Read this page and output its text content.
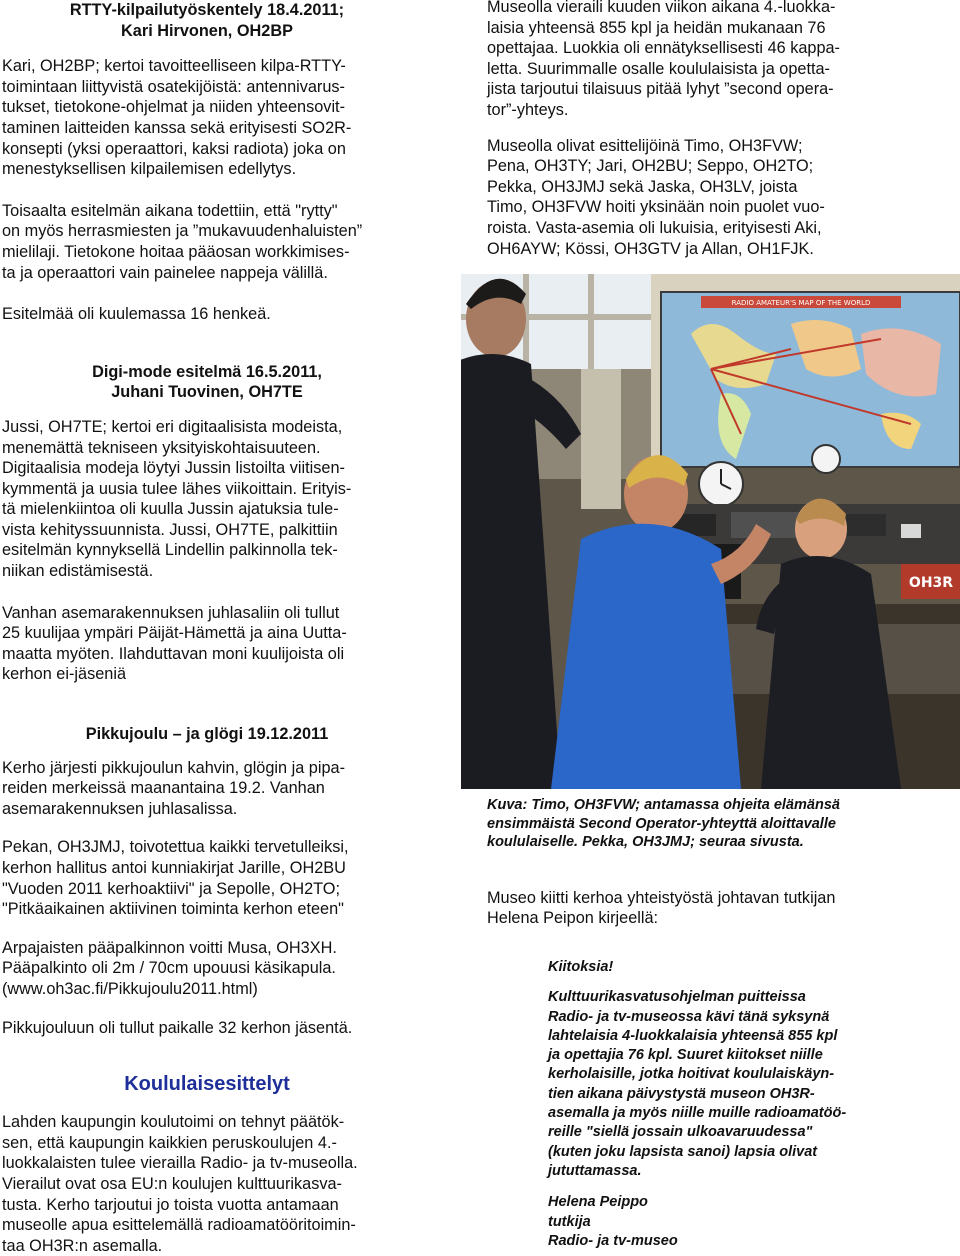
RTTY-kilpailutyöskentely 18.4.2011;
Kari Hirvonen, OH2BP

Kari, OH2BP; kertoi tavoitteelliseen kilpa-RTTY-
toimintaan liittyvistä osatekijöistä: antennivarus-
tukset, tietokone-ohjelmat ja niiden yhteensovit-
taminen laitteiden kanssa sekä erityisesti SO2R-
konsepti (yksi operaattori, kaksi radiota) joka on
menestyksellisen kilpailemisen edellytys.

Toisaalta esitelmän aikana todettiin, että "rytty"
on myös herrasmiesten ja ”mukavuudenhaluisten”
mielilaji. Tietokone hoitaa pääosan workkimises-
ta ja operaattori vain painelee nappeja välillä.

Esitelmää oli kuulemassa 16 henkeä.

Digi-mode esitelmä 16.5.2011,
Juhani Tuovinen, OH7TE

Jussi, OH7TE; kertoi eri digitaalisista modeista,
menemättä tekniseen yksityiskohtaisuuteen.
Digitaalisia modeja löytyi Jussin listoilta viitisen-
kymmentä ja uusia tulee lähes viikoittain. Erityis-
tä mielenkiintoa oli kuulla Jussin ajatuksia tule-
vista kehityssuunnista. Jussi, OH7TE, palkittiin
esitelmän kynnyksellä Lindellin palkinnolla tek-
niikan edistämisestä.

Vanhan asemarakennuksen juhlasaliin oli tullut
25 kuulijaa ympäri Päijät-Hämettä ja aina Uutta-
maatta myöten. Ilahduttavan moni kuulijoista oli
kerhon ei-jäseniä

Pikkujoulu – ja glögi 19.12.2011

Kerho järjesti pikkujoulun kahvin, glögin ja pipa-
reiden merkeissä maanantaina 19.2. Vanhan
asemarakennuksen juhlasalissa.

Pekan, OH3JMJ, toivotettua kaikki tervetulleiksi,
kerhon hallitus antoi kunniakirjat Jarille, OH2BU
"Vuoden 2011 kerhoaktiivi" ja Sepolle, OH2TO;
"Pitkäaikainen aktiivinen toiminta kerhon eteen"

Arpajaisten pääpalkinnon voitti Musa, OH3XH.
Pääpalkinto oli 2m / 70cm upouusi käsikapula.
(www.oh3ac.fi/Pikkujoulu2011.html)

Pikkujouluun oli tullut paikalle 32 kerhon jäsentä.

Koululaisesittelyt

Lahden kaupungin koulutoimi on tehnyt päätök-
sen, että kaupungin kaikkien peruskoulujen 4.-
luokkalaisten tulee vierailla Radio- ja tv-museolla.
Vierailut ovat osa EU:n koulujen kulttuurikasva-
tusta. Kerho tarjoutui jo toista vuotta antamaan
museolle apua esittelemällä radioamatööritoimin-
taa OH3R:n asemalla.

Museolla vieraili kuuden viikon aikana 4.-luokka-
laisia yhteensä 855 kpl ja heidän mukanaan 76
opettajaa. Luokkia oli ennätyksellisesti 46 kappa-
letta. Suurimmalle osalle koululaisista ja opetta-
jista tarjoutui tilaisuus pitää lyhyt ”second opera-
tor”-yhteys.

Museolla olivat esittelijöinä Timo, OH3FVW;
Pena, OH3TY; Jari, OH2BU; Seppo, OH2TO;
Pekka, OH3JMJ sekä Jaska, OH3LV, joista
Timo, OH3FVW hoiti yksinään noin puolet vuo-
roista. Vasta-asemia oli lukuisia, erityisesti Aki,
OH6AYW; Kössi, OH3GTV ja Allan, OH1FJK.

RADIO AMATEUR'S MAP OF THE WORLD
OH3R
Kuva: Timo, OH3FVW; antamassa ohjeita elämänsä
ensimmäistä Second Operator-yhteyttä aloittavalle
koululaiselle. Pekka, OH3JMJ; seuraa sivusta.

Museo kiitti kerhoa yhteistyöstä johtavan tutkijan
Helena Peipon kirjeellä:

Kiitoksia!
Kulttuurikasvatusohjelman puitteissa
Radio- ja tv-museossa kävi tänä syksynä
lahtelaisia 4-luokkalaisia yhteensä 855 kpl
ja opettajia 76 kpl. Suuret kiitokset niille
kerholaisille, jotka hoitivat koululaiskäyn-
tien aikana päivystystä museon OH3R-
asemalla ja myös niille muille radioamatöö-
reille "siellä jossain ulkoavaruudessa"
(kuten joku lapsista sanoi) lapsia olivat
jututtamassa.
Helena Peippo
tutkija
Radio- ja tv-museo
